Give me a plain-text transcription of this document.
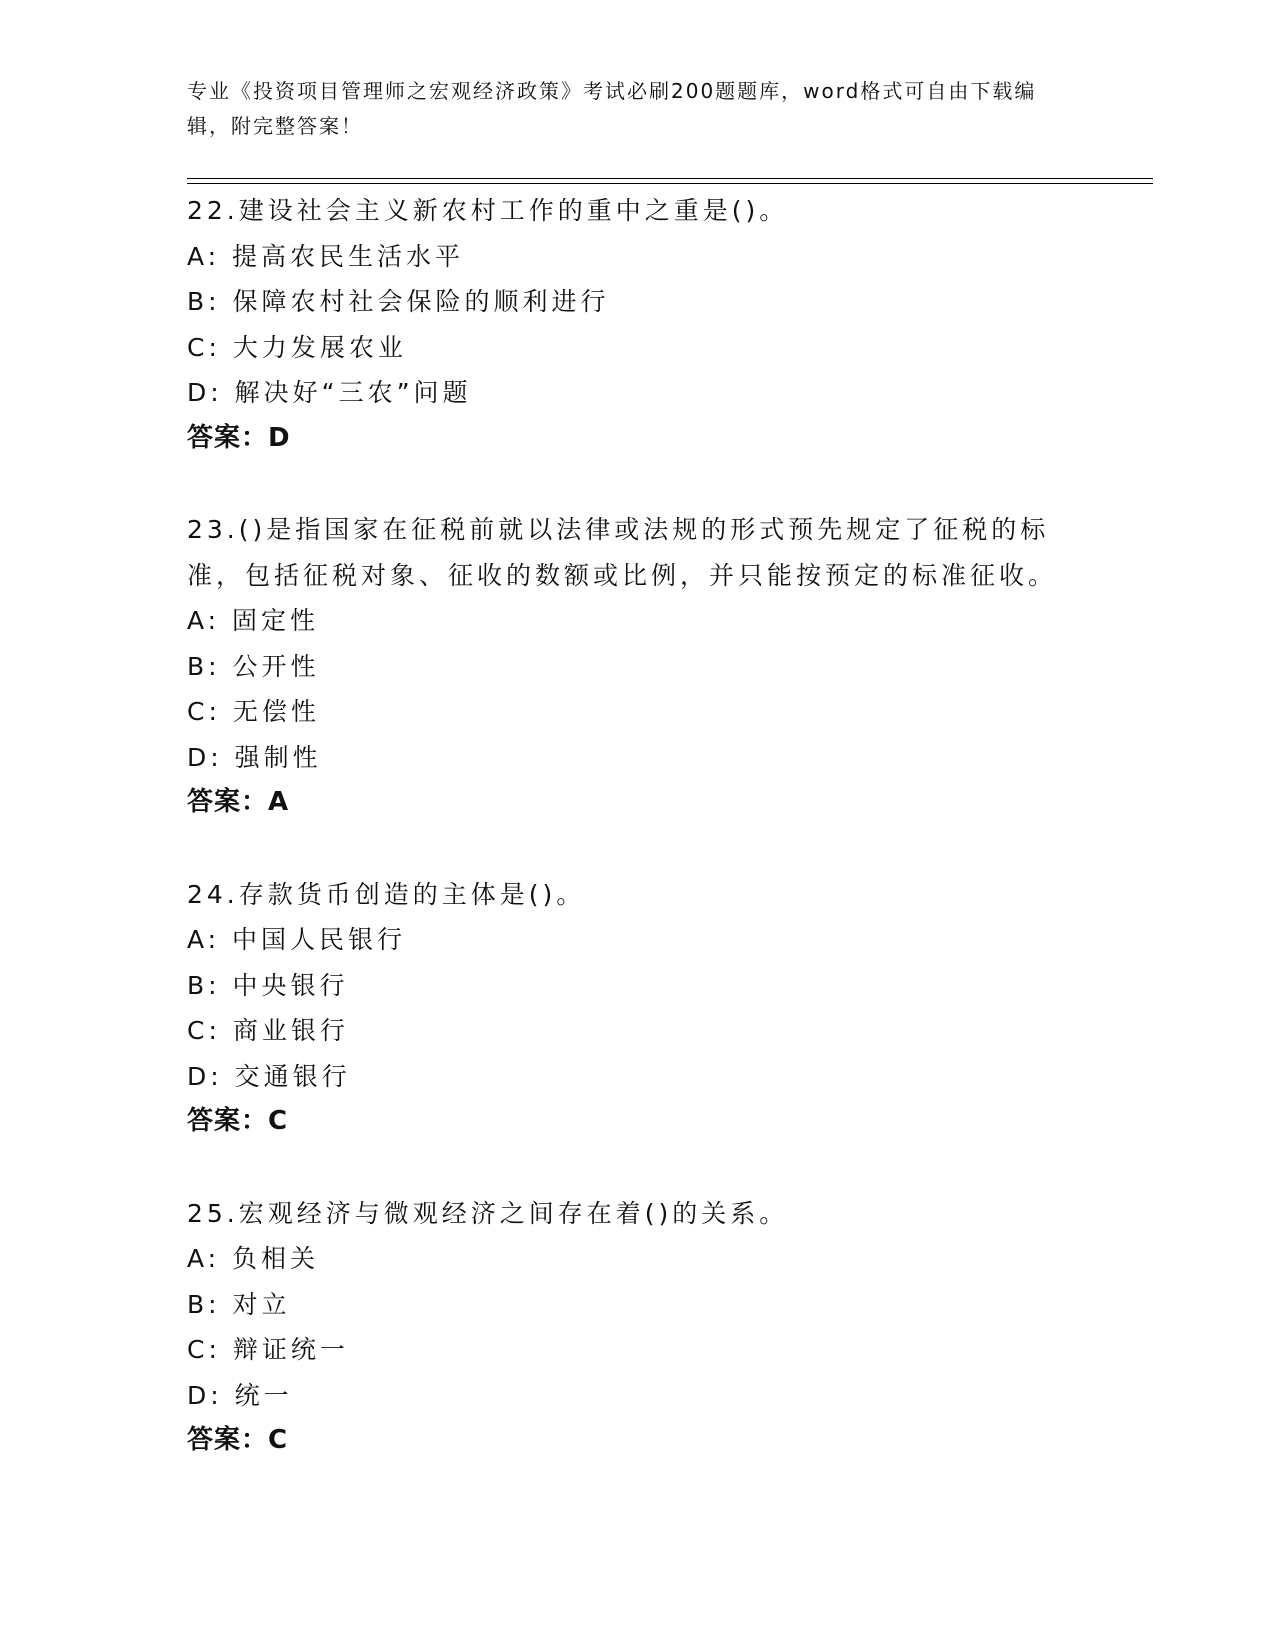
专业《投资项目管理师之宏观经济政策》考试必刷200题题库，word格式可自由下载编辑，附完整答案！
22.建设社会主义新农村工作的重中之重是()。
A: 提高农民生活水平
B: 保障农村社会保险的顺利进行
C: 大力发展农业
D: 解决好“三农”问题
答案：D
23.()是指国家在征税前就以法律或法规的形式预先规定了征税的标准，包括征税对象、征收的数额或比例，并只能按预定的标准征收。
A: 固定性
B: 公开性
C: 无偿性
D: 强制性
答案：A
24.存款货币创造的主体是()。
A: 中国人民银行
B: 中央银行
C: 商业银行
D: 交通银行
答案：C
25.宏观经济与微观经济之间存在着()的关系。
A: 负相关
B: 对立
C: 辩证统一
D: 统一
答案：C
